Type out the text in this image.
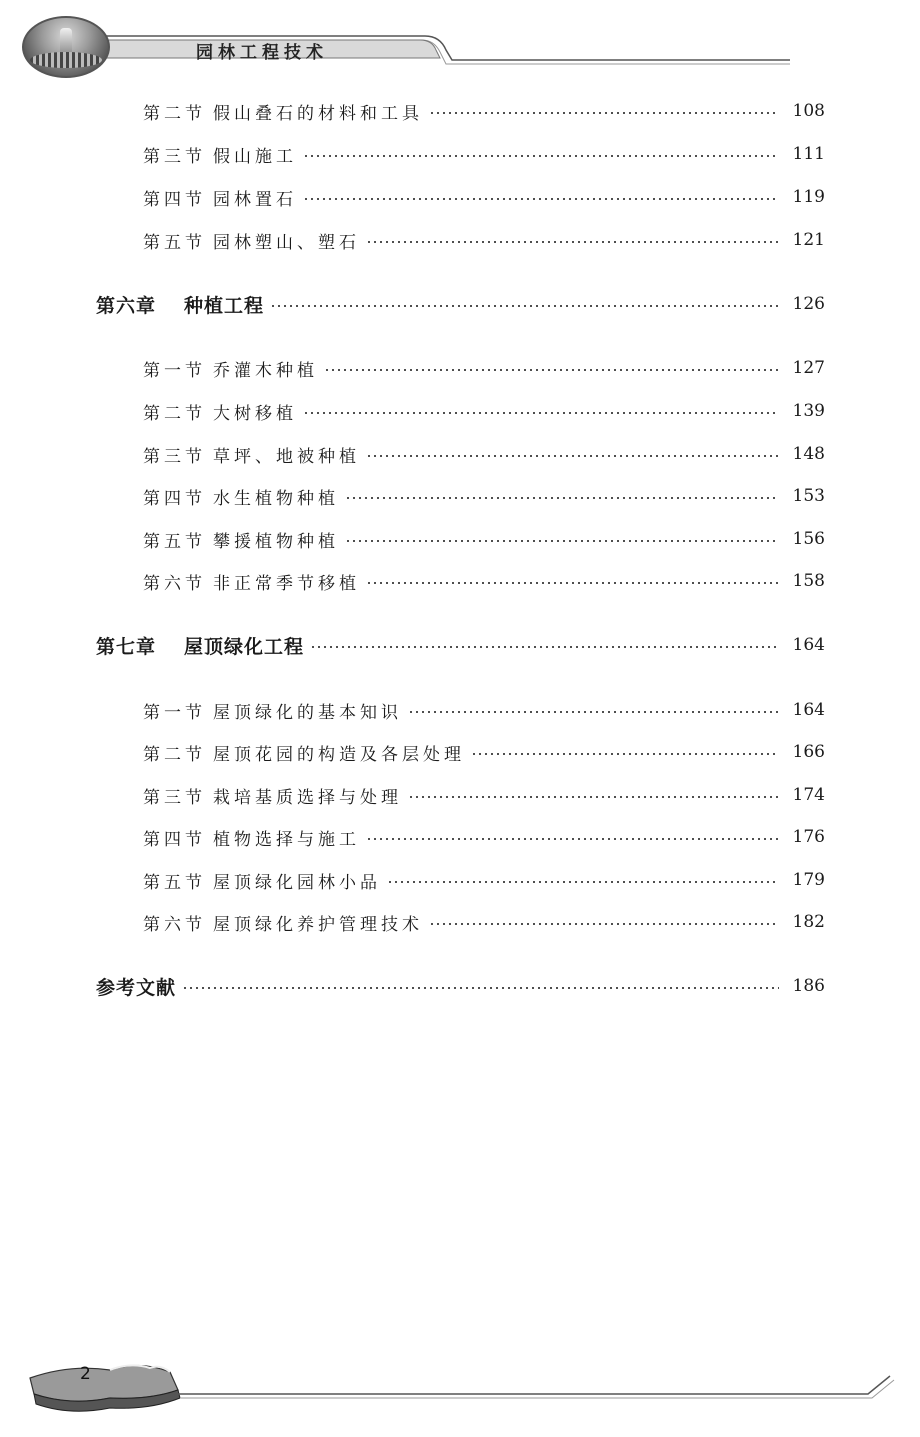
园林工程技术
第二节 假山叠石的材料和工具	108
第三节 假山施工	111
第四节 园林置石	119
第五节 园林塑山、塑石	121
第六章 种植工程	126
第一节 乔灌木种植	127
第二节 大树移植	139
第三节 草坪、地被种植	148
第四节 水生植物种植	153
第五节 攀援植物种植	156
第六节 非正常季节移植	158
第七章 屋顶绿化工程	164
第一节 屋顶绿化的基本知识	164
第二节 屋顶花园的构造及各层处理	166
第三节 栽培基质选择与处理	174
第四节 植物选择与施工	176
第五节 屋顶绿化园林小品	179
第六节 屋顶绿化养护管理技术	182
参考文献	186
2
